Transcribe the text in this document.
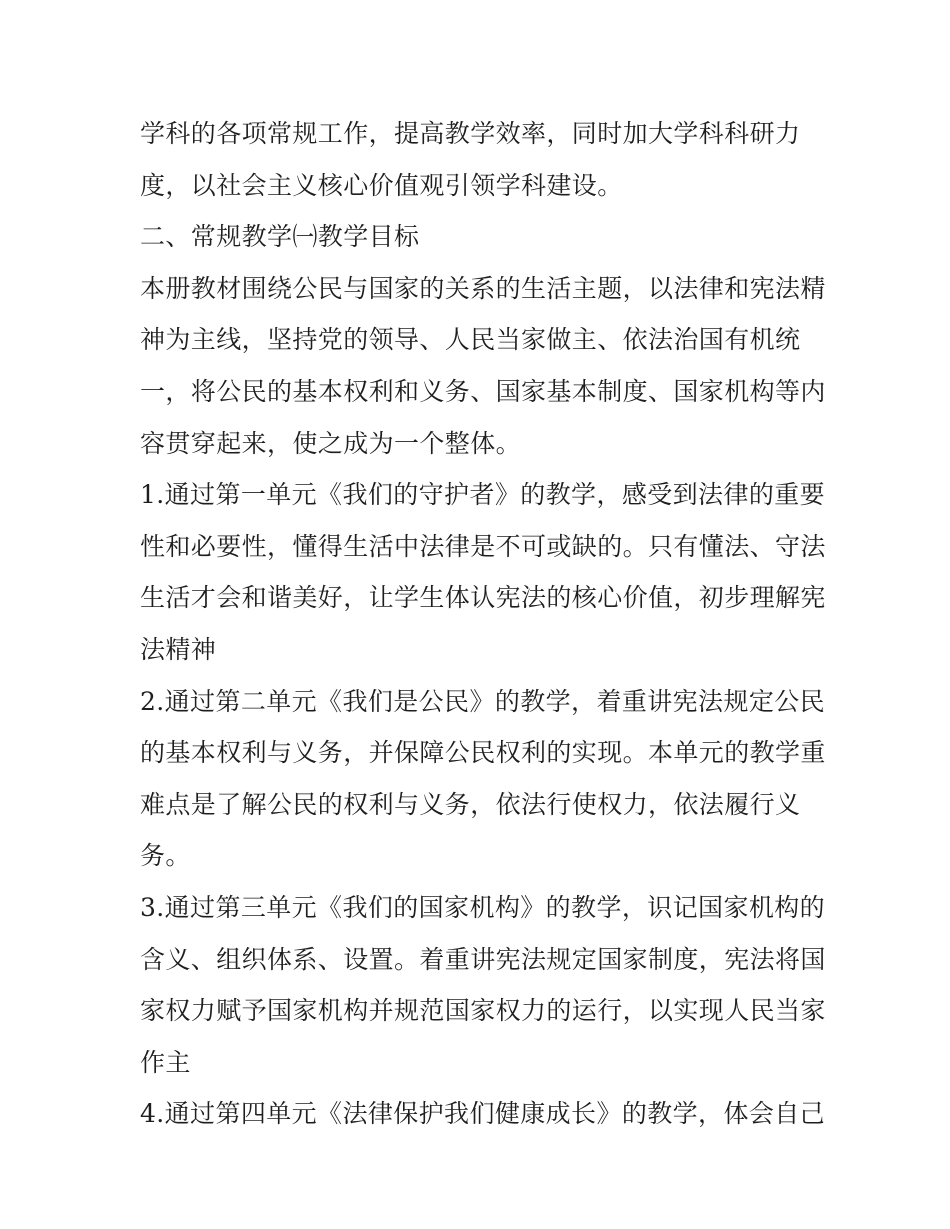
学科的各项常规工作，提高教学效率，同时加大学科科研力
度，以社会主义核心价值观引领学科建设。
二、常规教学㈠教学目标
本册教材围绕公民与国家的关系的生活主题，以法律和宪法精
神为主线，坚持党的领导、人民当家做主、依法治国有机统
一，将公民的基本权利和义务、国家基本制度、国家机构等内
容贯穿起来，使之成为一个整体。
1.通过第一单元《我们的守护者》的教学，感受到法律的重要
性和必要性，懂得生活中法律是不可或缺的。只有懂法、守法
生活才会和谐美好，让学生体认宪法的核心价值，初步理解宪
法精神
2.通过第二单元《我们是公民》的教学，着重讲宪法规定公民
的基本权利与义务，并保障公民权利的实现。本单元的教学重
难点是了解公民的权利与义务，依法行使权力，依法履行义
务。
3.通过第三单元《我们的国家机构》的教学，识记国家机构的
含义、组织体系、设置。着重讲宪法规定国家制度，宪法将国
家权力赋予国家机构并规范国家权力的运行，以实现人民当家
作主
4.通过第四单元《法律保护我们健康成长》的教学，体会自己
